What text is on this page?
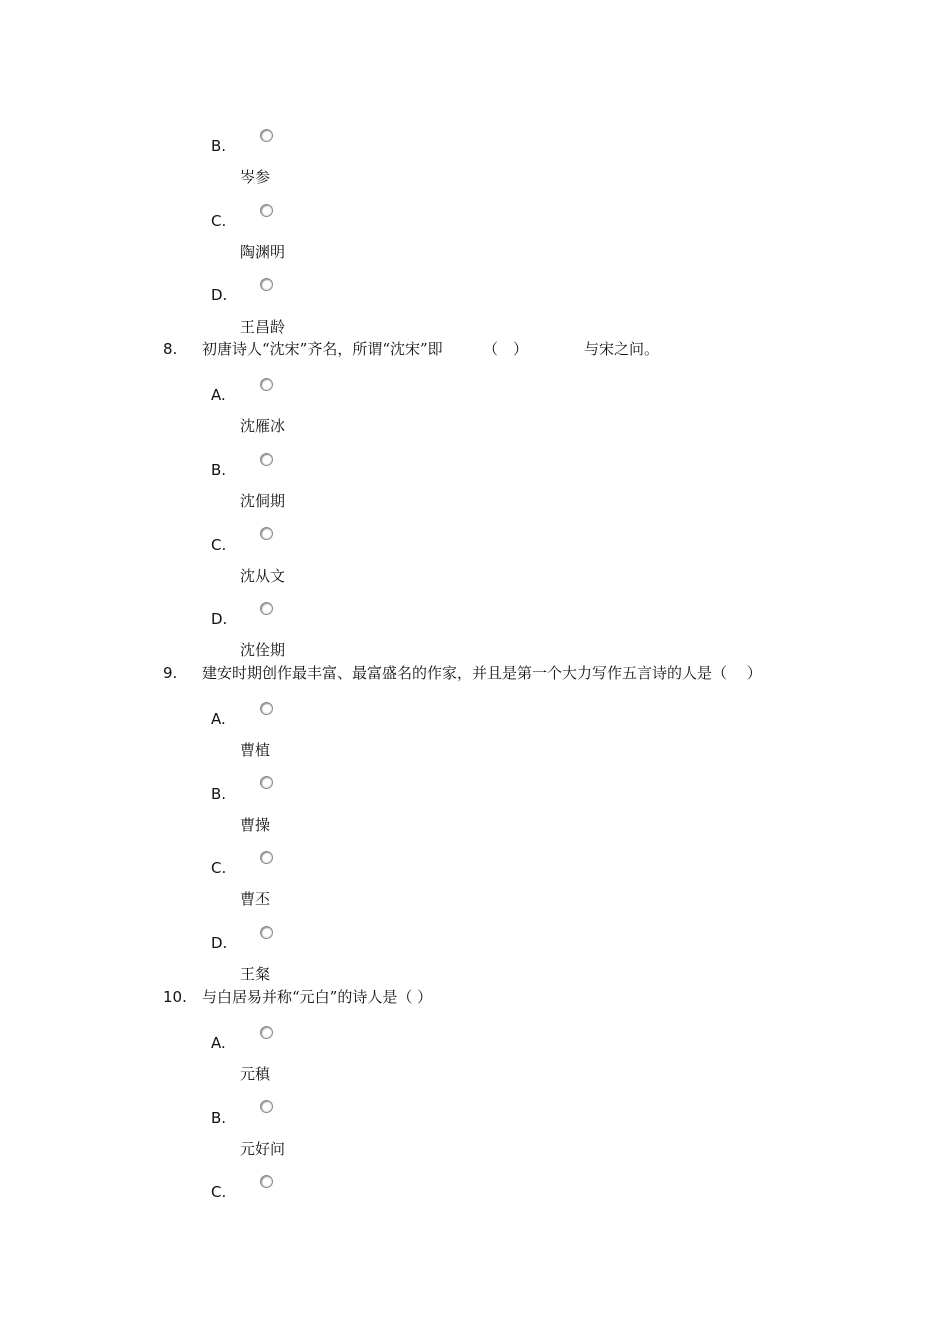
B.
岑参
C.
陶渊明
D.
王昌龄
8. 初唐诗人“沈宋”齐名，所谓“沈宋”即	（　）	与宋之问。
A.
沈雁冰
B.
沈侗期
C.
沈从文
D.
沈佺期
9. 建安时期创作最丰富、最富盛名的作家，并且是第一个大力写作五言诗的人是（　 ）
A.
曹植
B.
曹操
C.
曹丕
D.
王粲
10. 与白居易并称“元白”的诗人是（ ）
A.
元稹
B.
元好问
C.
